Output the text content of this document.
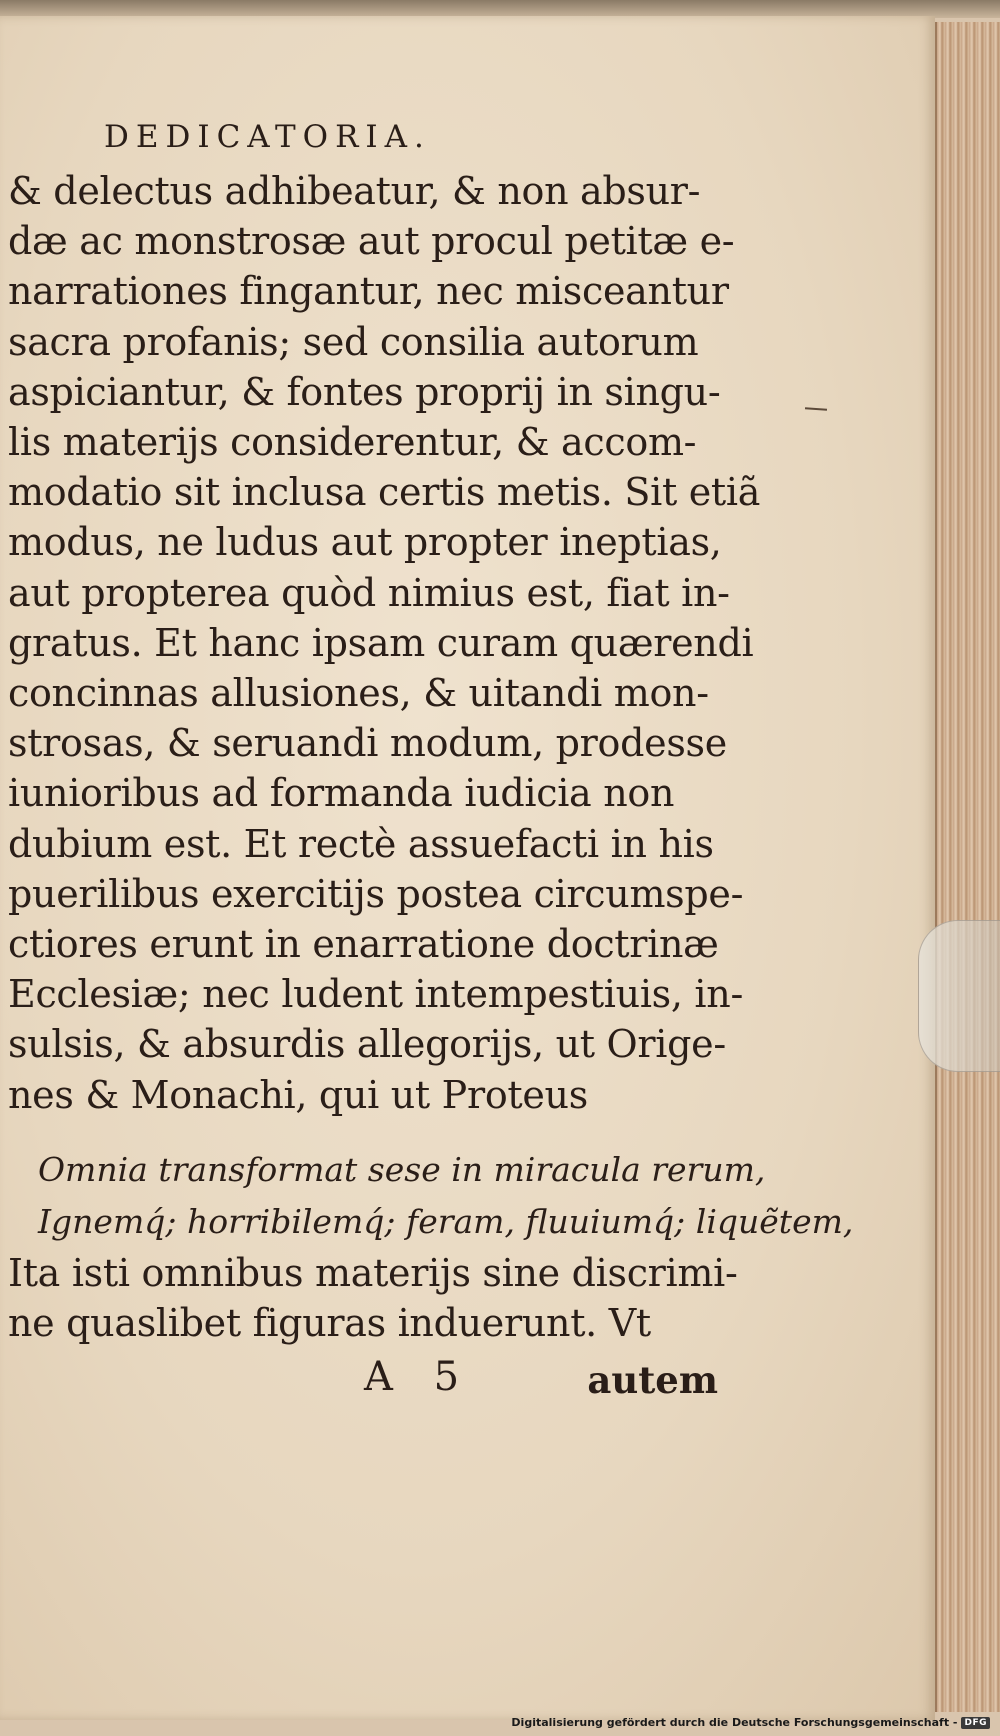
DEDICATORIA.
& delectus adhibeatur, & non absur-
dæ ac monstrosæ aut procul petitæ e-
narrationes fingantur, nec misceantur
sacra profanis; sed consilia autorum
aspiciantur, & fontes proprij in singu-
lis materijs considerentur, & accom-
modatio sit inclusa certis metis. Sit etiã
modus, ne ludus aut propter ineptias,
aut propterea quòd nimius est, fiat in-
gratus. Et hanc ipsam curam quærendi
concinnas allusiones, & uitandi mon-
strosas, & seruandi modum, prodesse
iunioribus ad formanda iudicia non
dubium est. Et rectè assuefacti in his
puerilibus exercitijs postea circumspe-
ctiores erunt in enarratione doctrinæ
Ecclesiæ; nec ludent intempestiuis, in-
sulsis, & absurdis allegorijs, ut Orige-
nes & Monachi, qui ut Proteus
Omnia transformat sese in miracula rerum,
Ignemq́; horribilemq́; feram, fluuiumq́; liquẽtem,
Ita isti omnibus materijs sine discrimi-
ne quaslibet figuras induerunt. Vt
A 5	autem
Digitalisierung gefördert durch die Deutsche Forschungsgemeinschaft - DFG
